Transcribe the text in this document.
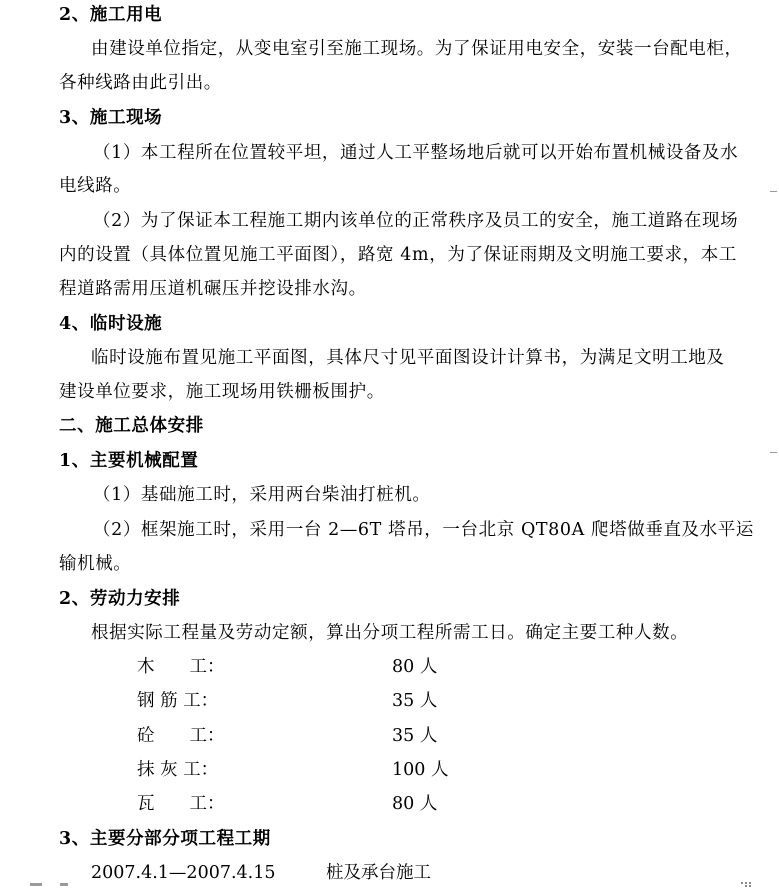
2、施工用电
由建设单位指定，从变电室引至施工现场。为了保证用电安全，安装一台配电柜，
各种线路由此引出。
3、施工现场
（1）本工程所在位置较平坦，通过人工平整场地后就可以开始布置机械设备及水
电线路。
（2）为了保证本工程施工期内该单位的正常秩序及员工的安全，施工道路在现场
内的设置（具体位置见施工平面图），路宽 4m，为了保证雨期及文明施工要求，本工
程道路需用压道机碾压并挖设排水沟。
4、临时设施
临时设施布置见施工平面图，具体尺寸见平面图设计计算书，为满足文明工地及
建设单位要求，施工现场用铁栅板围护。
二、施工总体安排
1、主要机械配置
（1）基础施工时，采用两台柴油打桩机。
（2）框架施工时，采用一台 2—6T 塔吊，一台北京 QT80A 爬塔做垂直及水平运
输机械。
2、劳动力安排
根据实际工程量及劳动定额，算出分项工程所需工日。确定主要工种人数。
木　　工：	80 人
钢 筋 工：	35 人
砼　　工：	35 人
抹 灰 工：	100 人
瓦　　工：	80 人
3、主要分部分项工程工期
2007.4.1—2007.4.15	桩及承台施工
